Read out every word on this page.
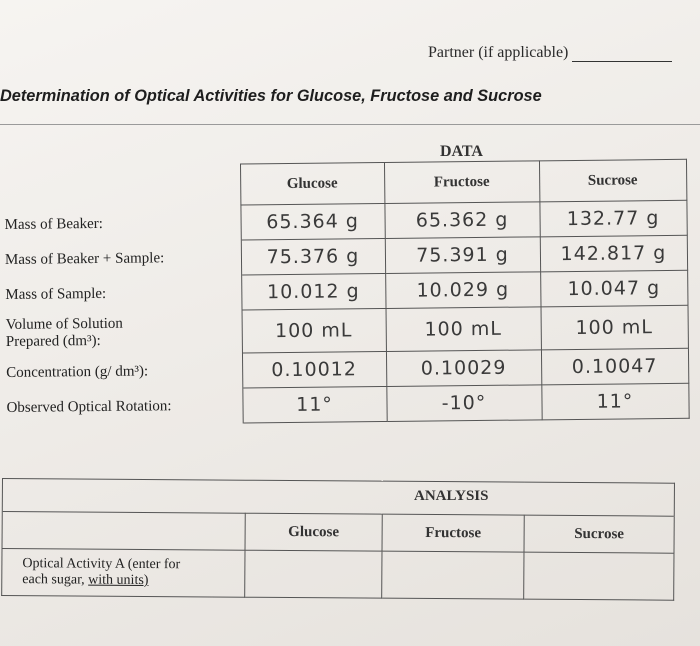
Partner (if applicable)
Determination of Optical Activities for Glucose, Fructose and Sucrose
DATA
	Glucose	Fructose	Sucrose
Mass of Beaker:	65.364 g	65.362 g	132.77 g
Mass of Beaker + Sample:	75.376 g	75.391 g	142.817 g
Mass of Sample:	10.012 g	10.029 g	10.047 g

Volume of Solution
Prepared (dm³):	100 mL	100 mL	100 mL
Concentration (g/ dm³):	0.10012	0.10029	0.10047
Observed Optical Rotation:	11°	-10°	11°

	Glucose	Fructose	Sucrose

Optical Activity A (enter for
each sugar, with units)			

ANALYSIS
